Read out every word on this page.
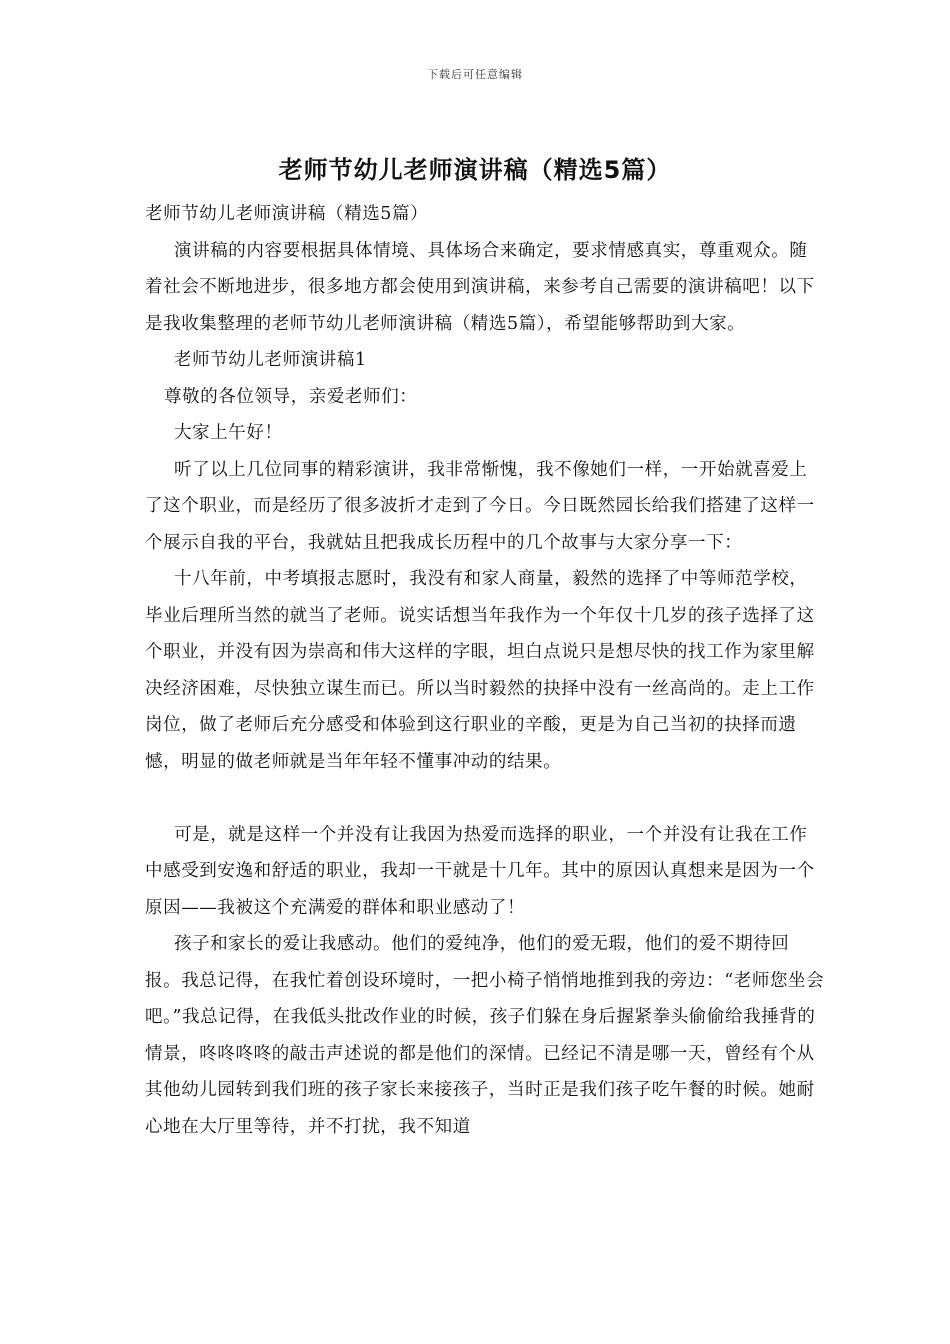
下载后可任意编辑
老师节幼儿老师演讲稿（精选5篇）

老师节幼儿老师演讲稿（精选5篇）

演讲稿的内容要根据具体情境、具体场合来确定，要求情感真实，尊重观众。随着社会不断地进步，很多地方都会使用到演讲稿，来参考自己需要的演讲稿吧！以下是我收集整理的老师节幼儿老师演讲稿（精选5篇），希望能够帮助到大家。

老师节幼儿老师演讲稿1

尊敬的各位领导，亲爱老师们：

大家上午好！

听了以上几位同事的精彩演讲，我非常惭愧，我不像她们一样，一开始就喜爱上了这个职业，而是经历了很多波折才走到了今日。今日既然园长给我们搭建了这样一个展示自我的平台，我就姑且把我成长历程中的几个故事与大家分享一下：

十八年前，中考填报志愿时，我没有和家人商量，毅然的选择了中等师范学校，毕业后理所当然的就当了老师。说实话想当年我作为一个年仅十几岁的孩子选择了这个职业，并没有因为崇高和伟大这样的字眼，坦白点说只是想尽快的找工作为家里解决经济困难，尽快独立谋生而已。所以当时毅然的抉择中没有一丝高尚的。走上工作岗位，做了老师后充分感受和体验到这行职业的辛酸，更是为自己当初的抉择而遗憾，明显的做老师就是当年年轻不懂事冲动的结果。

可是，就是这样一个并没有让我因为热爱而选择的职业，一个并没有让我在工作中感受到安逸和舒适的职业，我却一干就是十几年。其中的原因认真想来是因为一个原因——我被这个充满爱的群体和职业感动了！

孩子和家长的爱让我感动。他们的爱纯净，他们的爱无瑕，他们的爱不期待回报。我总记得，在我忙着创设环境时，一把小椅子悄悄地推到我的旁边：“老师您坐会吧。”我总记得，在我低头批改作业的时候，孩子们躲在身后握紧拳头偷偷给我捶背的情景，咚咚咚咚的敲击声述说的都是他们的深情。已经记不清是哪一天，曾经有个从其他幼儿园转到我们班的孩子家长来接孩子，当时正是我们孩子吃午餐的时候。她耐心地在大厅里等待，并不打扰，我不知道
